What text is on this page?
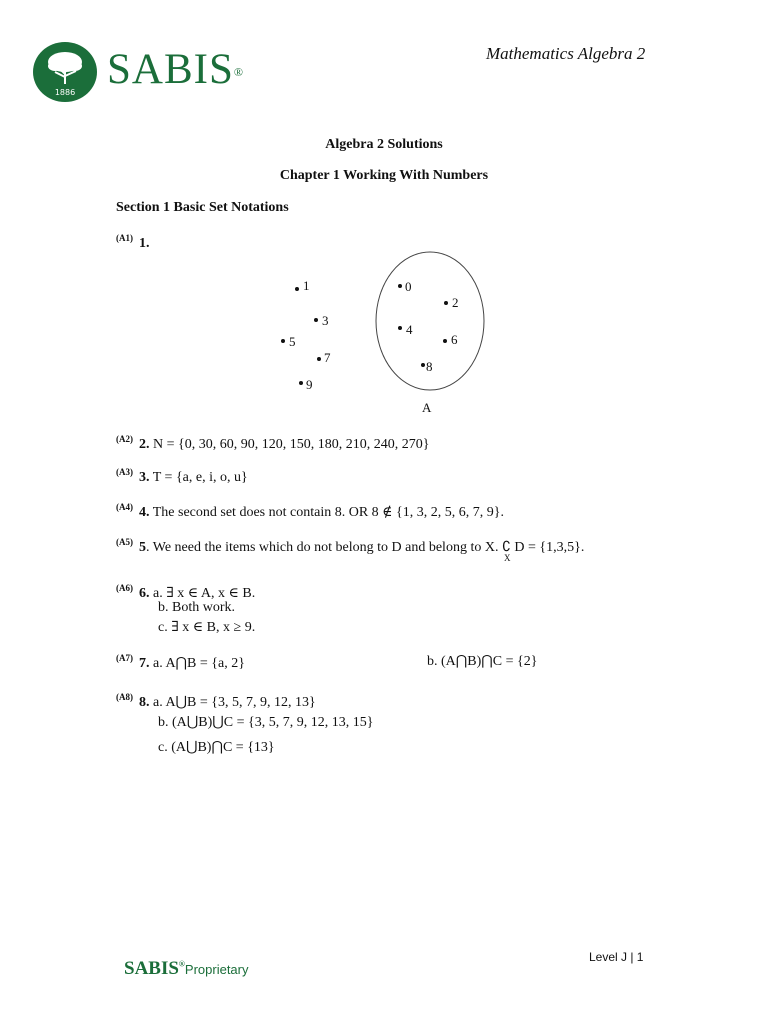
1886 SABIS®
Mathematics Algebra 2
Algebra 2 Solutions
Chapter 1 Working With Numbers
Section 1 Basic Set Notations
$^{(A1)}$ 1.
1
3
5
7
9
0
2
4
6
8
A
$^{(A2)}$ 2. N = {0, 30, 60, 90, 120, 150, 180, 210, 240, 270}
$^{(A3)}$ 3. T = {a, e, i, o, u}
$^{(A4)}$ 4. The second set does not contain 8. OR 8 ∉ {1, 3, 2, 5, 6, 7, 9}.
$^{(A5)}$ 5. We need the items which do not belong to D and belong to X. ∁ D = {1,3,5}
X
.
$^{(A6)}$ 6. a. ∃ x ∈ A, x ∈ B.
b. Both work.
c. ∃ x ∈ B, x ≥ 9.
$^{(A7)}$ 7. a. A⋂B = {a, 2}	b. (A⋂B)⋂C = {2}
$^{(A8)}$ 8. a. A⋃B = {3, 5, 7, 9, 12, 13}
b. (A⋃B)⋃C = {3, 5, 7, 9, 12, 13, 15}
c. (A⋃B)⋂C = {13}
Level J | 1
SABIS®Proprietary
